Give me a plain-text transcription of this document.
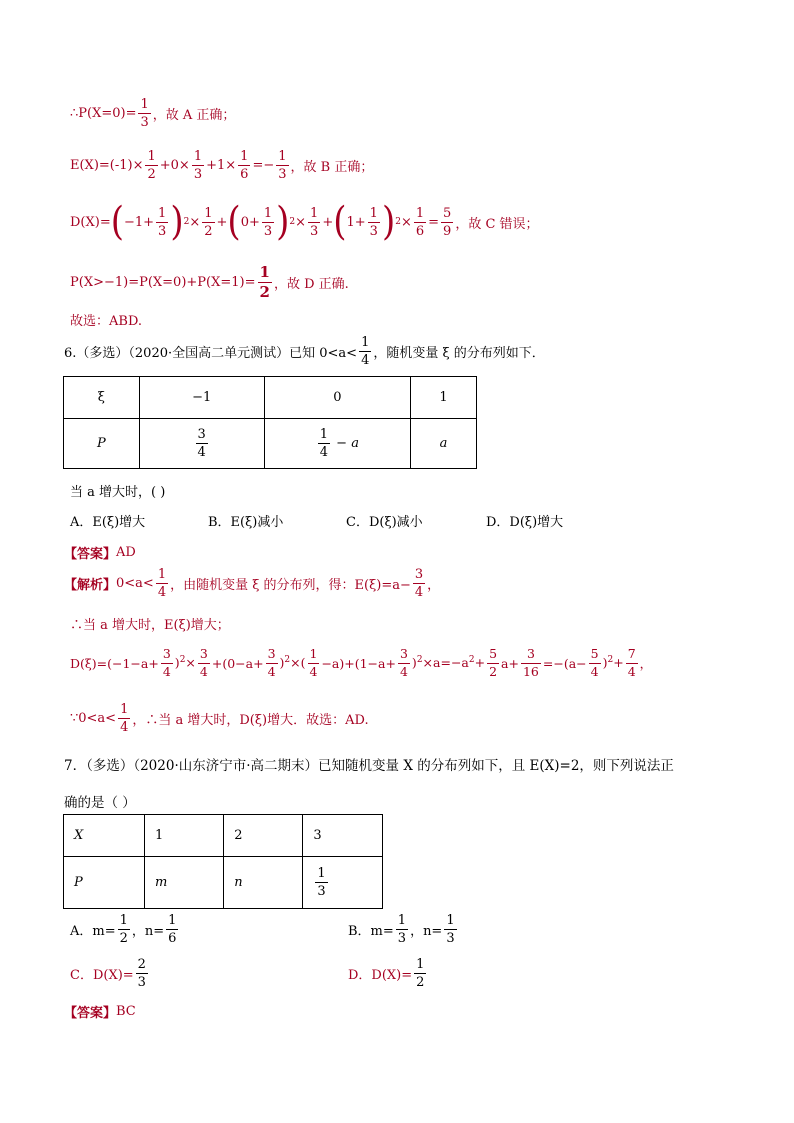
∴P(X=0)= $\frac{1}{3}$ ，故 A 正确；
$E(X)=(-1)\times \frac{1}{2} +0\times \frac{1}{3} +1\times \frac{1}{6} =- \frac{1}{3}$ ，故 B 正确；
D(X)= ( $-1+ \frac{1}{3}$ ) $2 \times \frac{1}{2}$ + ( $0+ \frac{1}{3}$ ) $2 \times \frac{1}{3}$ + ( $1+ \frac{1}{3}$ ) $2 \times \frac{1}{6} = \frac{5}{9}$ ，故 C 错误；
$P(X>-1)=P(X=0)+P(X=1)= \frac{1}{2}$ ，故 D 正确.
故选：ABD.
6.（多选）（2020·全国高二单元测试）已知 $0<a< \frac{1}{4}$ ，随机变量 ξ 的分布列如下．
ξ	−1	0	1
P	$\frac{3}{4}$	$\frac{1}{4} - a$	a
当 a 增大时，( )
A．E(ξ)增大	B．E(ξ)减小	C．D(ξ)减小	D．D(ξ)增大
【答案】 AD
【解析】 $0<a< \frac{1}{4}$ ，由随机变量 ξ 的分布列，得：$E(\xi)=a- \frac{3}{4}$ ，
∴当 a 增大时，E(ξ)增大；
$D(\xi)=(-1-a+ \frac{3}{4} )^2\times \frac{3}{4} +(0-a+ \frac{3}{4} )^2\times( \frac{1}{4} -a)+(1-a+ \frac{3}{4} )^2\times a=-a^2+ \frac{5}{2} a+ \frac{3}{16} =-(a- \frac{5}{4} )^2+ \frac{7}{4}$ ，
∵0<a< $\frac{1}{4}$ ，∴当 a 增大时，D(ξ)增大．故选：AD.
7．（多选）（2020·山东济宁市·高二期末）已知随机变量 X 的分布列如下，且 E(X)=2，则下列说法正
确的是（ ）
X	1	2	3
P	m	n	$\frac{1}{3}$
A．$m= \frac{1}{2}$ ，$n= \frac{1}{6}$	B．$m= \frac{1}{3}$ ，$n= \frac{1}{3}$
C．$D(X)= \frac{2}{3}$	D．$D(X)= \frac{1}{2}$
【答案】 BC
